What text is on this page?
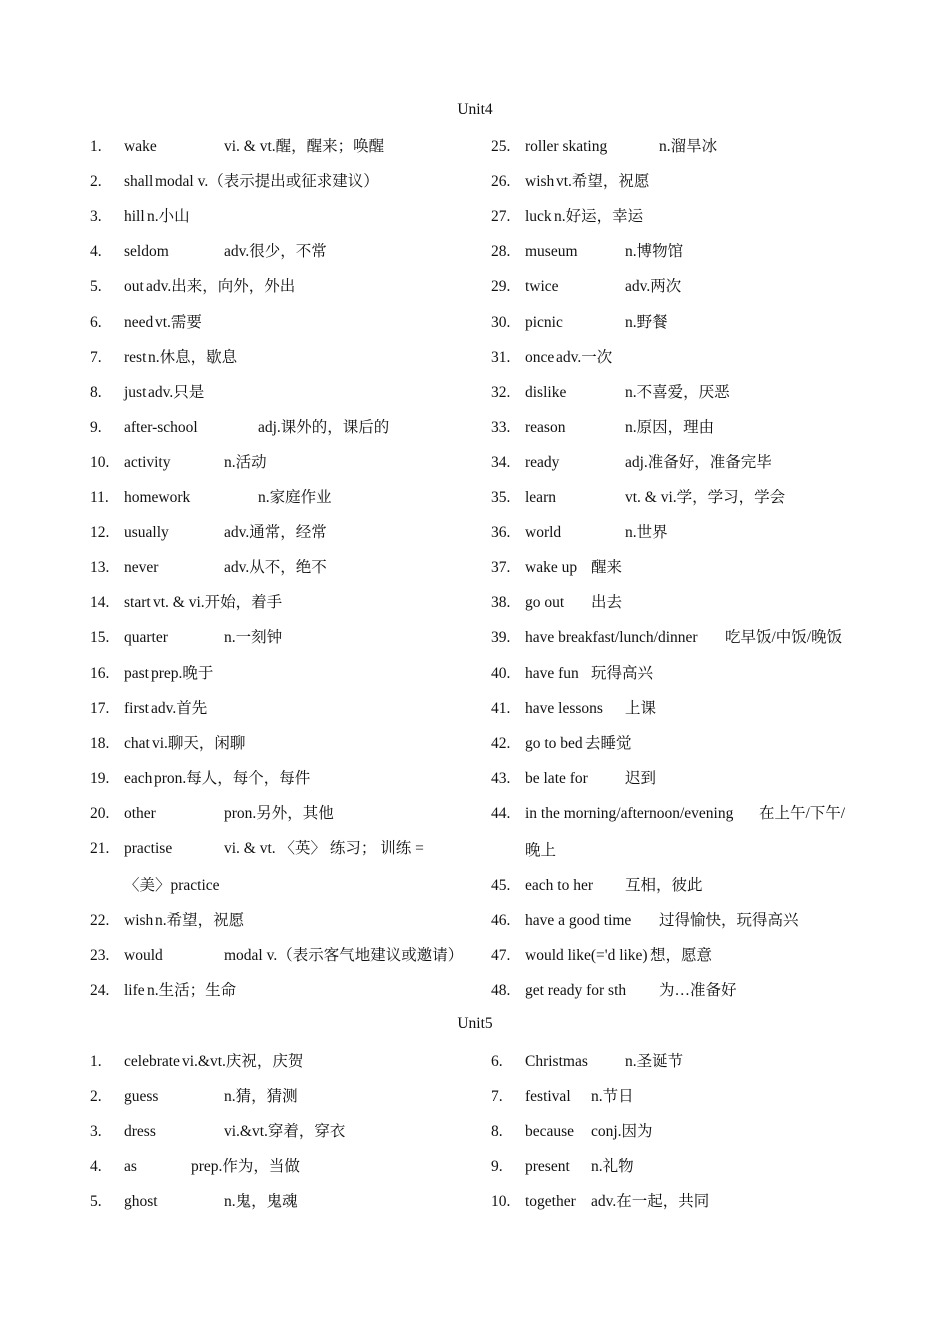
Unit4
1. wake	vi. & vt.醒，醒来；唤醒
2. shall modal v.（表示提出或征求建议）
3. hill n.小山
4. seldom	adv.很少，不常
5. out adv.出来，向外，外出
6. need vt.需要
7. rest n.休息，歇息
8. just adv.只是
9. after-school	adj.课外的，课后的
10. activity	n.活动
11. homework	n.家庭作业
12. usually	adv.通常，经常
13. never	adv.从不，绝不
14. start vt. & vi.开始，着手
15. quarter	n.一刻钟
16. past prep.晚于
17. first adv.首先
18. chat vi.聊天，闲聊
19. each pron.每人，每个，每件
20. other	pron.另外，其他
21. practise	vi. & vt. 〈英〉 练习； 训练 =
〈美〉practice
22. wish n.希望，祝愿
23. would	modal v.（表示客气地建议或邀请）
24. life n.生活；生命
25. roller skating	n.溜旱冰
26. wish vt.希望，祝愿
27. luck n.好运，幸运
28. museum	n.博物馆
29. twice	adv.两次
30. picnic	n.野餐
31. once adv.一次
32. dislike	n.不喜爱，厌恶
33. reason	n.原因，理由
34. ready	adj.准备好，准备完毕
35. learn	vt. & vi.学，学习，学会
36. world	n.世界
37. wake up 醒来
38. go out 出去
39. have breakfast/lunch/dinner 吃早饭/中饭/晚饭
40. have fun 玩得高兴
41. have lessons 上课
42. go to bed 去睡觉
43. be late for 迟到
44. in the morning/afternoon/evening 在上午/下午/
晚上
45. each to her 互相，彼此
46. have a good time 过得愉快，玩得高兴
47. would like(='d like) 想，愿意
48. get ready for sth 为…准备好
Unit5
1. celebrate vi.&vt.庆祝，庆贺
2. guess	n.猜，猜测
3. dress	vi.&vt.穿着，穿衣
4. as	prep.作为，当做
5. ghost	n.鬼，鬼魂
6. Christmas n.圣诞节
7. festival n.节日
8. because conj.因为
9. present n.礼物
10. together adv.在一起，共同
